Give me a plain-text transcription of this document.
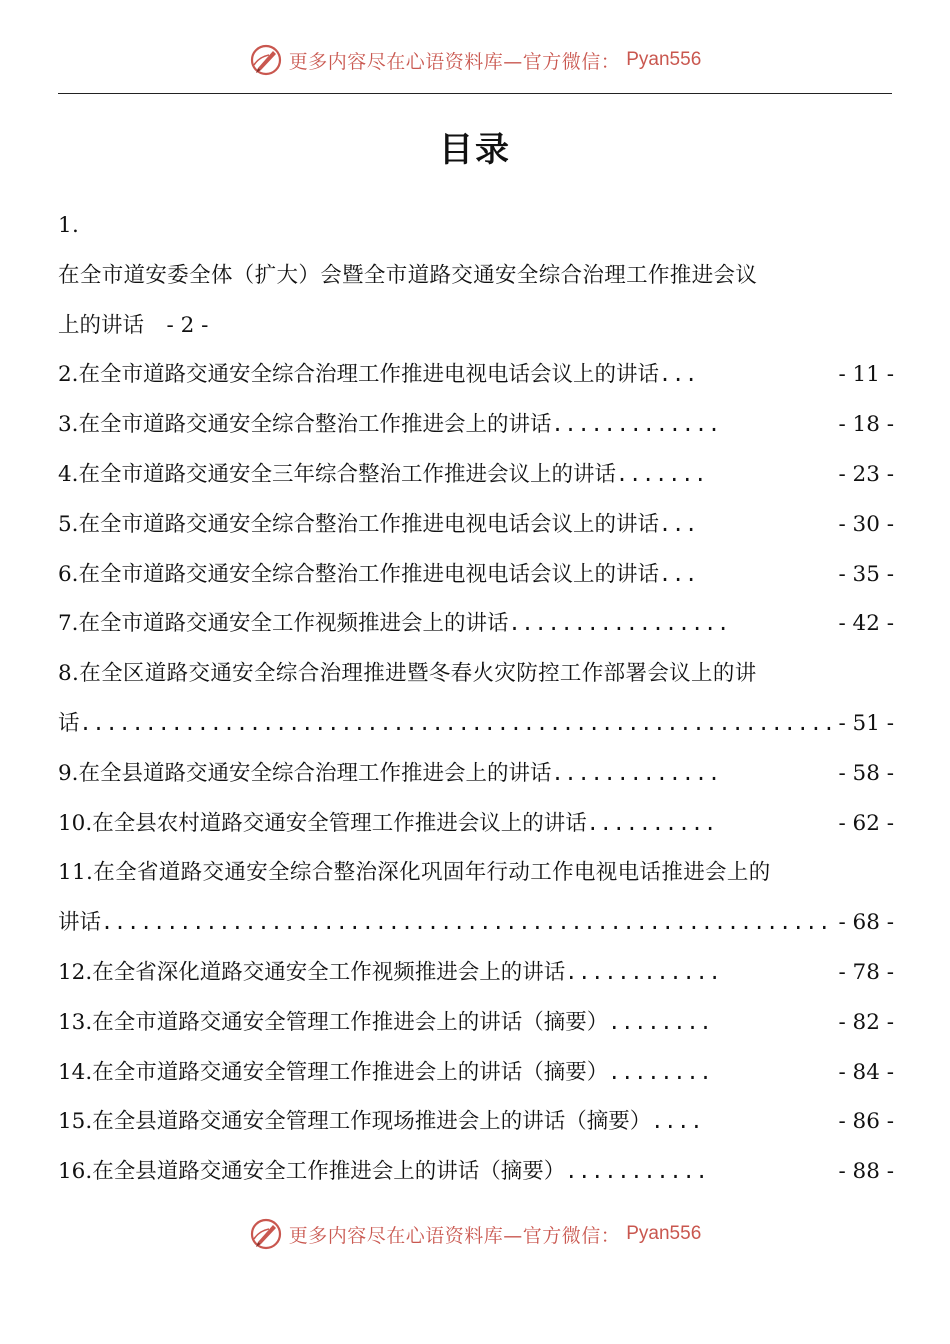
更多内容尽在心语资料库—官方微信： Pyan556
目录
1.
在全市道安委全体（扩大）会暨全市道路交通安全综合治理工作推进会议
上的讲话 - 2 -
2.在全市道路交通安全综合治理工作推进电视电话会议上的讲话 ...	- 11 -
3.在全市道路交通安全综合整治工作推进会上的讲话 .............	- 18 -
4.在全市道路交通安全三年综合整治工作推进会议上的讲话 .......	- 23 -
5.在全市道路交通安全综合整治工作推进电视电话会议上的讲话 ...	- 30 -
6.在全市道路交通安全综合整治工作推进电视电话会议上的讲话 ...	- 35 -
7.在全市道路交通安全工作视频推进会上的讲话 .................	- 42 -
8.在全区道路交通安全综合治理推进暨冬春火灾防控工作部署会议上的讲
话 .......................................................... - 51 -
9.在全县道路交通安全综合治理工作推进会上的讲话 .............	- 58 -
10.在全县农村道路交通安全管理工作推进会议上的讲话 ..........	- 62 -
11.在全省道路交通安全综合整治深化巩固年行动工作电视电话推进会上的
讲话 ........................................................ - 68 -
12.在全省深化道路交通安全工作视频推进会上的讲话 ............	- 78 -
13.在全市道路交通安全管理工作推进会上的讲话（摘要） ........	- 82 -
14.在全市道路交通安全管理工作推进会上的讲话（摘要） ........	- 84 -
15.在全县道路交通安全管理工作现场推进会上的讲话（摘要） ....	- 86 -
16.在全县道路交通安全工作推进会上的讲话（摘要） ...........	- 88 -
更多内容尽在心语资料库—官方微信： Pyan556
